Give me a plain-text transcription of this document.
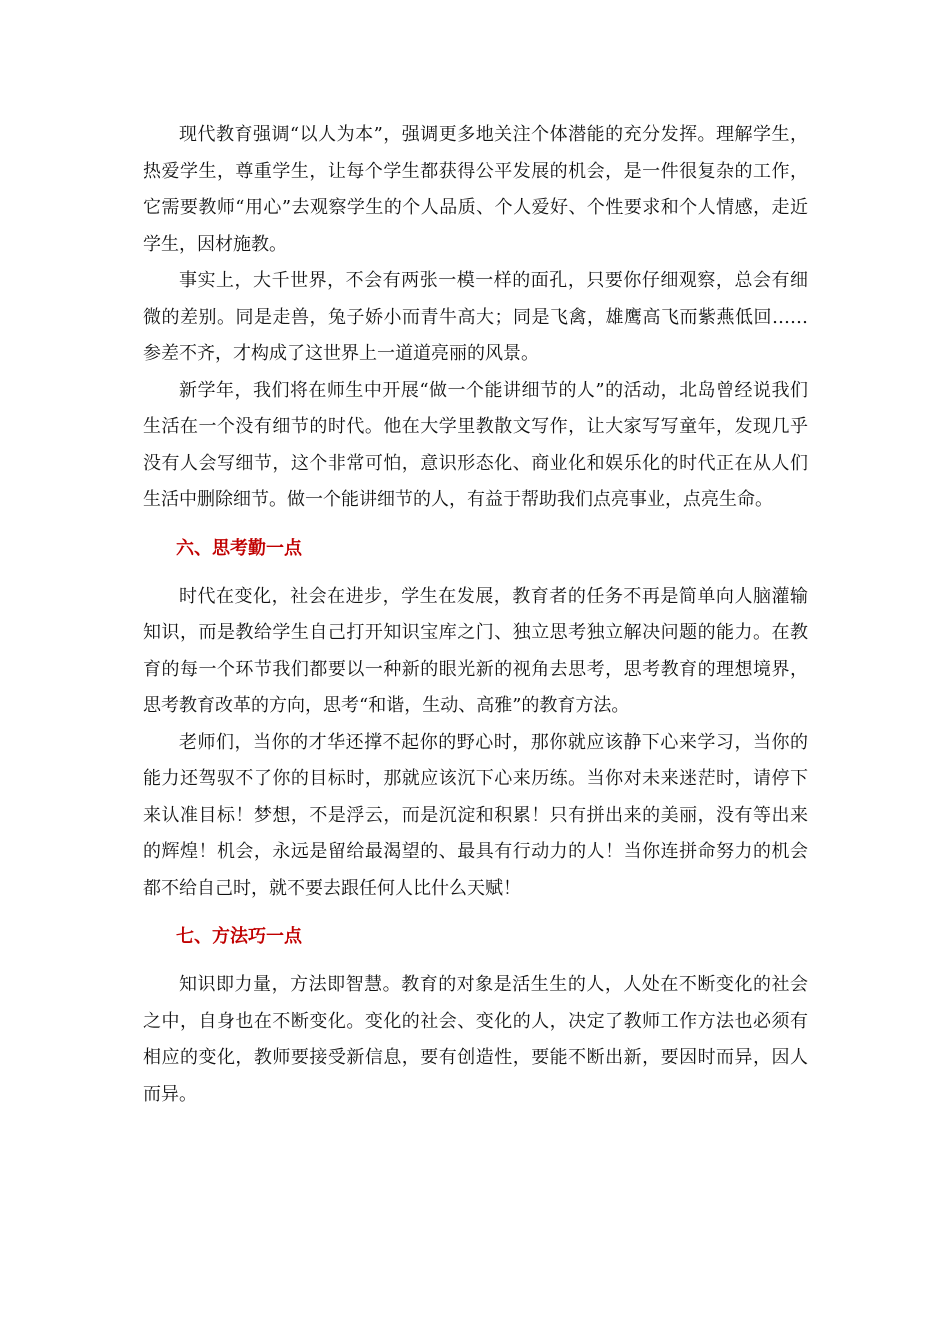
现代教育强调“以人为本”，强调更多地关注个体潜能的充分发挥。理解学生，热爱学生，尊重学生，让每个学生都获得公平发展的机会，是一件很复杂的工作，它需要教师“用心”去观察学生的个人品质、个人爱好、个性要求和个人情感，走近学生，因材施教。

事实上，大千世界，不会有两张一模一样的面孔，只要你仔细观察，总会有细微的差别。同是走兽，兔子娇小而青牛高大；同是飞禽，雄鹰高飞而紫燕低回……参差不齐，才构成了这世界上一道道亮丽的风景。

新学年，我们将在师生中开展“做一个能讲细节的人”的活动，北岛曾经说我们生活在一个没有细节的时代。他在大学里教散文写作，让大家写写童年，发现几乎没有人会写细节，这个非常可怕，意识形态化、商业化和娱乐化的时代正在从人们生活中删除细节。做一个能讲细节的人，有益于帮助我们点亮事业，点亮生命。

六、思考勤一点

时代在变化，社会在进步，学生在发展，教育者的任务不再是简单向人脑灌输知识，而是教给学生自己打开知识宝库之门、独立思考独立解决问题的能力。在教育的每一个环节我们都要以一种新的眼光新的视角去思考，思考教育的理想境界，思考教育改革的方向，思考“和谐，生动、高雅”的教育方法。

老师们，当你的才华还撑不起你的野心时，那你就应该静下心来学习，当你的能力还驾驭不了你的目标时，那就应该沉下心来历练。当你对未来迷茫时，请停下来认准目标！梦想，不是浮云，而是沉淀和积累！只有拼出来的美丽，没有等出来的辉煌！机会，永远是留给最渴望的、最具有行动力的人！当你连拼命努力的机会都不给自己时，就不要去跟任何人比什么天赋！

七、方法巧一点

知识即力量，方法即智慧。教育的对象是活生生的人，人处在不断变化的社会之中，自身也在不断变化。变化的社会、变化的人，决定了教师工作方法也必须有相应的变化，教师要接受新信息，要有创造性，要能不断出新，要因时而异，因人而异。
